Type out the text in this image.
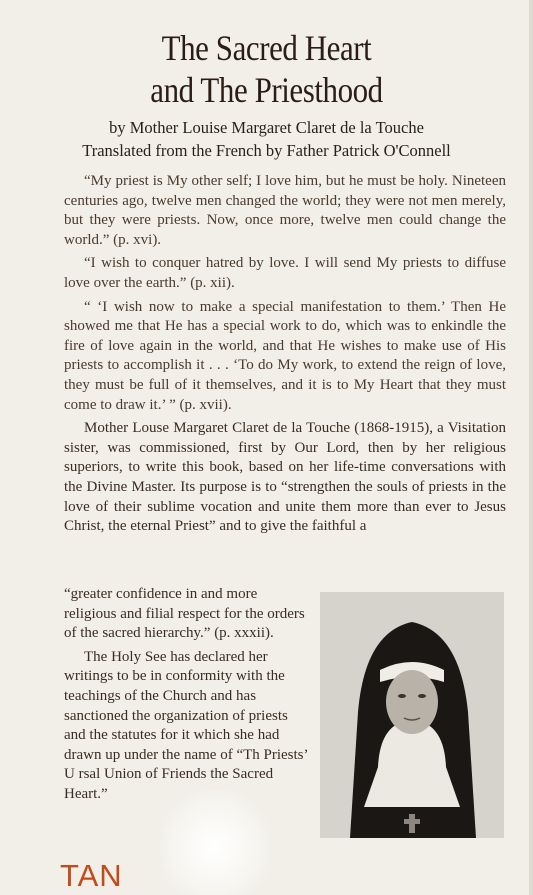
The Sacred Heart
and The Priesthood
by Mother Louise Margaret Claret de la Touche
Translated from the French by Father Patrick O'Connell

“My priest is My other self; I love him, but he must be holy. Nineteen centuries ago, twelve men changed the world; they were not men merely, but they were priests. Now, once more, twelve men could change the world.” (p. xvi).

“I wish to conquer hatred by love. I will send My priests to diffuse love over the earth.” (p. xii).

“ ‘I wish now to make a special manifestation to them.’ Then He showed me that He has a special work to do, which was to enkindle the fire of love again in the world, and that He wishes to make use of His priests to accomplish it . . . ‘To do My work, to extend the reign of love, they must be full of it themselves, and it is to My Heart that they must come to draw it.’ ” (p. xvii).

Mother Louse Margaret Claret de la Touche (1868-1915), a Visitation sister, was commissioned, first by Our Lord, then by her religious superiors, to write this book, based on her life-time conversations with the Divine Master. Its purpose is to “strengthen the souls of priests in the love of their sublime vocation and unite them more than ever to Jesus Christ, the eternal Priest” and to give the faithful a

“greater confidence in and more religious and filial respect for the orders of the sacred hierarchy.” (p. xxxii).

The Holy See has declared her writings to be in conformity with the teachings of the Church and has sanctioned the organization of priests and the statutes for it which she had drawn up under the name of “Th Priests’ U rsal Union of Friends the Sacred Heart.”

TAN
